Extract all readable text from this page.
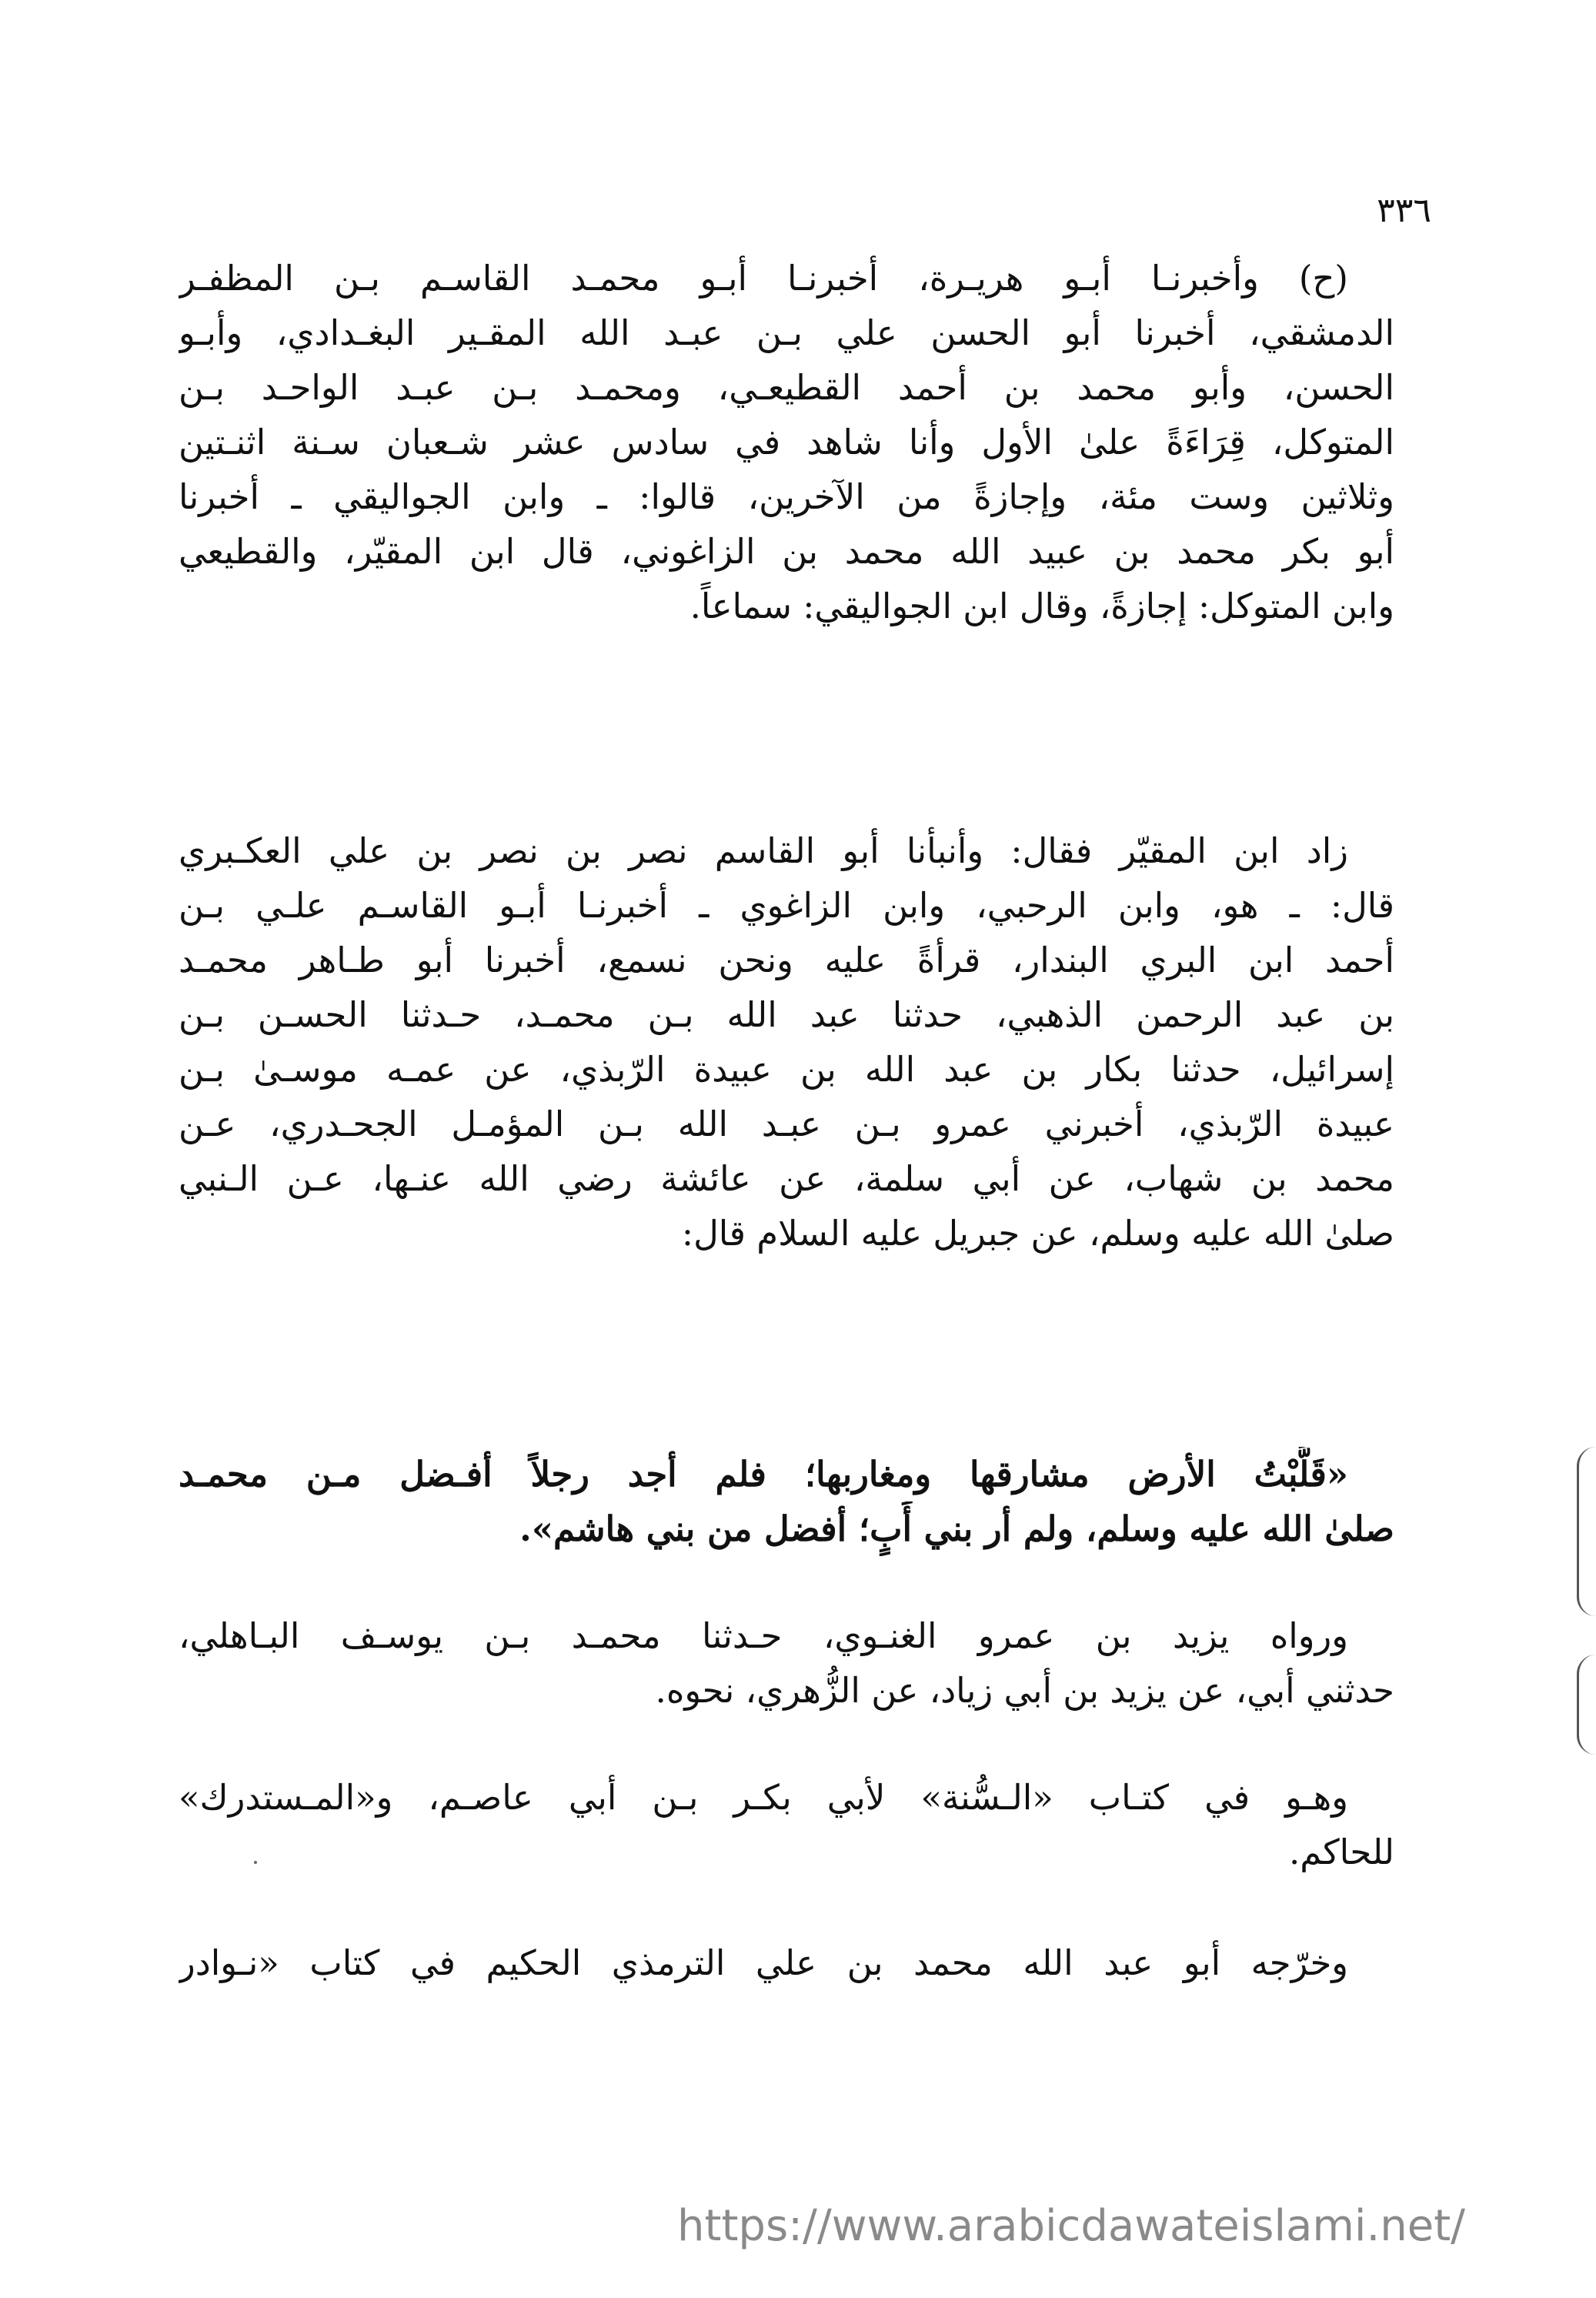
٣٣٦
(ح) وأخبرنـا أبـو هريـرة، أخبرنـا أبـو محمـد القاسـم بـن المظفـر
الدمشقي، أخبرنا أبو الحسن علي بـن عبـد الله المقـير البغـدادي، وأبـو
الحسن، وأبو محمد بن أحمد القطيعـي، ومحمـد بـن عبـد الواحـد بـن
المتوكل، قِرَاءَةً علىٰ الأول وأنا شاهد في سادس عشر شـعبان سـنة اثنـتين
وثلاثين وست مئة، وإجازةً من الآخرين، قالوا: ـ وابن الجواليقي ـ أخبرنا
أبو بكر محمد بن عبيد الله محمد بن الزاغوني، قال ابن المقيّر، والقطيعي
وابن المتوكل: إجازةً، وقال ابن الجواليقي: سماعاً.
زاد ابن المقيّر فقال: وأنبأنا أبو القاسم نصر بن نصر بن علي العكـبري
قال: ـ هو، وابن الرحبي، وابن الزاغوي ـ أخبرنـا أبـو القاسـم علـي بـن
أحمد ابن البري البندار، قرأةً عليه ونحن نسمع، أخبرنا أبو طـاهر محمـد
بن عبد الرحمن الذهبي، حدثنا عبد الله بـن محمـد، حـدثنا الحسـن بـن
إسرائيل، حدثنا بكار بن عبد الله بن عبيدة الرّبذي، عن عمـه موسـىٰ بـن
عبيدة الرّبذي، أخبرني عمرو بـن عبـد الله بـن المؤمـل الجحـدري، عـن
محمد بن شهاب، عن أبي سلمة، عن عائشة رضي الله عنـها، عـن الـنبي
صلىٰ الله عليه وسلم، عن جبريل عليه السلام قال:
«قَلَّبْتُ الأرض مشارقها ومغاربها؛ فلم أجد رجلاً أفـضل مـن محمـد
صلىٰ الله عليه وسلم، ولم أر بني أَبٍ؛ أفضل من بني هاشم».
ورواه يزيد بن عمرو الغنـوي، حـدثنا محمـد بـن يوسـف البـاهلي،
حدثني أبي، عن يزيد بن أبي زياد، عن الزُّهري، نحوه.
وهـو في كتـاب «الـسُّنة» لأبي بكـر بـن أبي عاصـم، و«المـستدرك»
للحاكم.
وخرّجه أبو عبد الله محمد بن علي الترمذي الحكيم في كتاب «نـوادر
https://www.arabicdawateislami.net/
